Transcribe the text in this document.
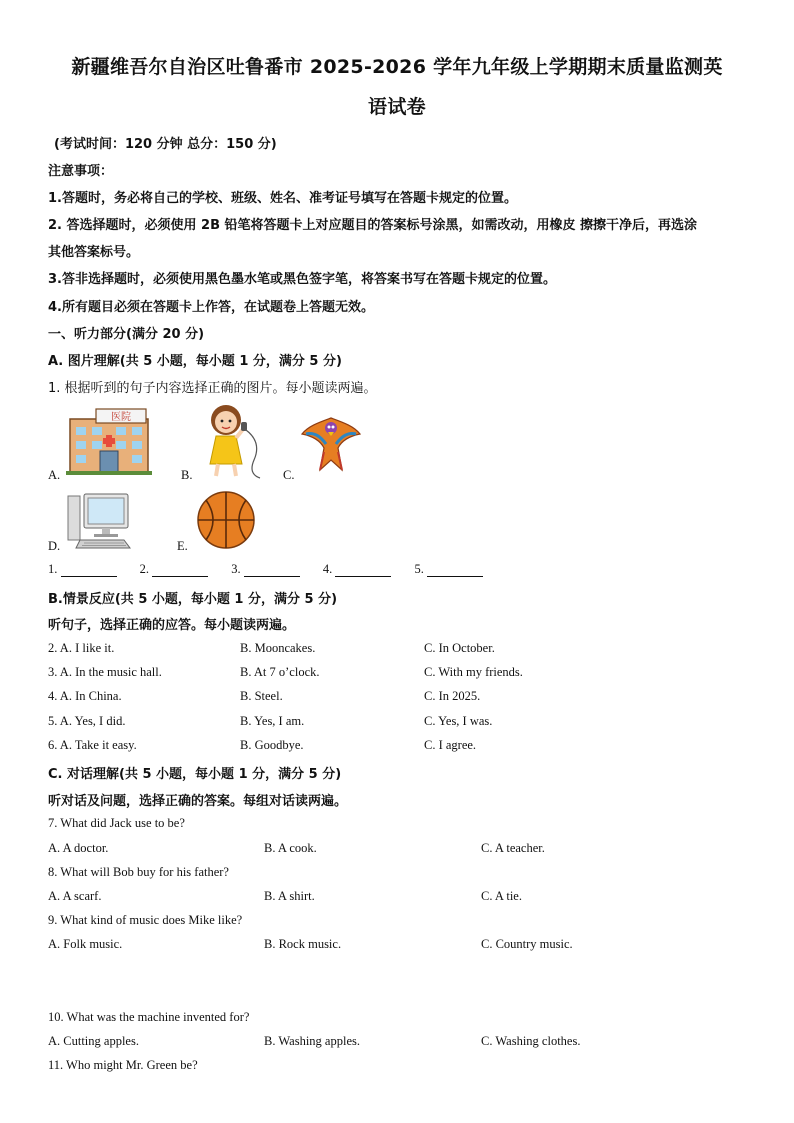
新疆维吾尔自治区吐鲁番市 2025-2026 学年九年级上学期期末质量监测英
语试卷
(考试时间：120 分钟 总分：150 分)
注意事项：
1.答题时，务必将自己的学校、班级、姓名、准考证号填写在答题卡规定的位置。
2. 答选择题时，必须使用 2B 铅笔将答题卡上对应题目的答案标号涂黑，如需改动，用橡皮 擦擦干净后，再选涂
其他答案标号。
3.答非选择题时，必须使用黑色墨水笔或黑色签字笔，将答案书写在答题卡规定的位置。
4.所有题目必须在答题卡上作答，在试题卷上答题无效。
一、听力部分(满分 20 分)
A. 图片理解(共 5 小题，每小题 1 分，满分 5 分)
1. 根据听到的句子内容选择正确的图片。每小题读两遍。
A.
医院
B.	C.
D.	E.
1.	2.	3.	4.	5.
B.情景反应(共 5 小题，每小题 1 分，满分 5 分)
听句子，选择正确的应答。每小题读两遍。
2. A. I like it.	B. Mooncakes.	C. In October.
3. A. In the music hall.	B. At 7 o’clock.	C. With my friends.
4. A. In China.	B. Steel.	C. In 2025.
5. A. Yes, I did.	B. Yes, I am.	C. Yes, I was.
6. A. Take it easy.	B. Goodbye.	C. I agree.
C. 对话理解(共 5 小题，每小题 1 分，满分 5 分)
听对话及问题，选择正确的答案。每组对话读两遍。
7. What did Jack use to be?
A. A doctor.	B. A cook.	C. A teacher.
8. What will Bob buy for his father?
A. A scarf.	B. A shirt.	C. A tie.
9. What kind of music does Mike like?
A. Folk music.	B. Rock music.	C. Country music.
10. What was the machine invented for?
A. Cutting apples.	B. Washing apples.	C. Washing clothes.
11. Who might Mr. Green be?
